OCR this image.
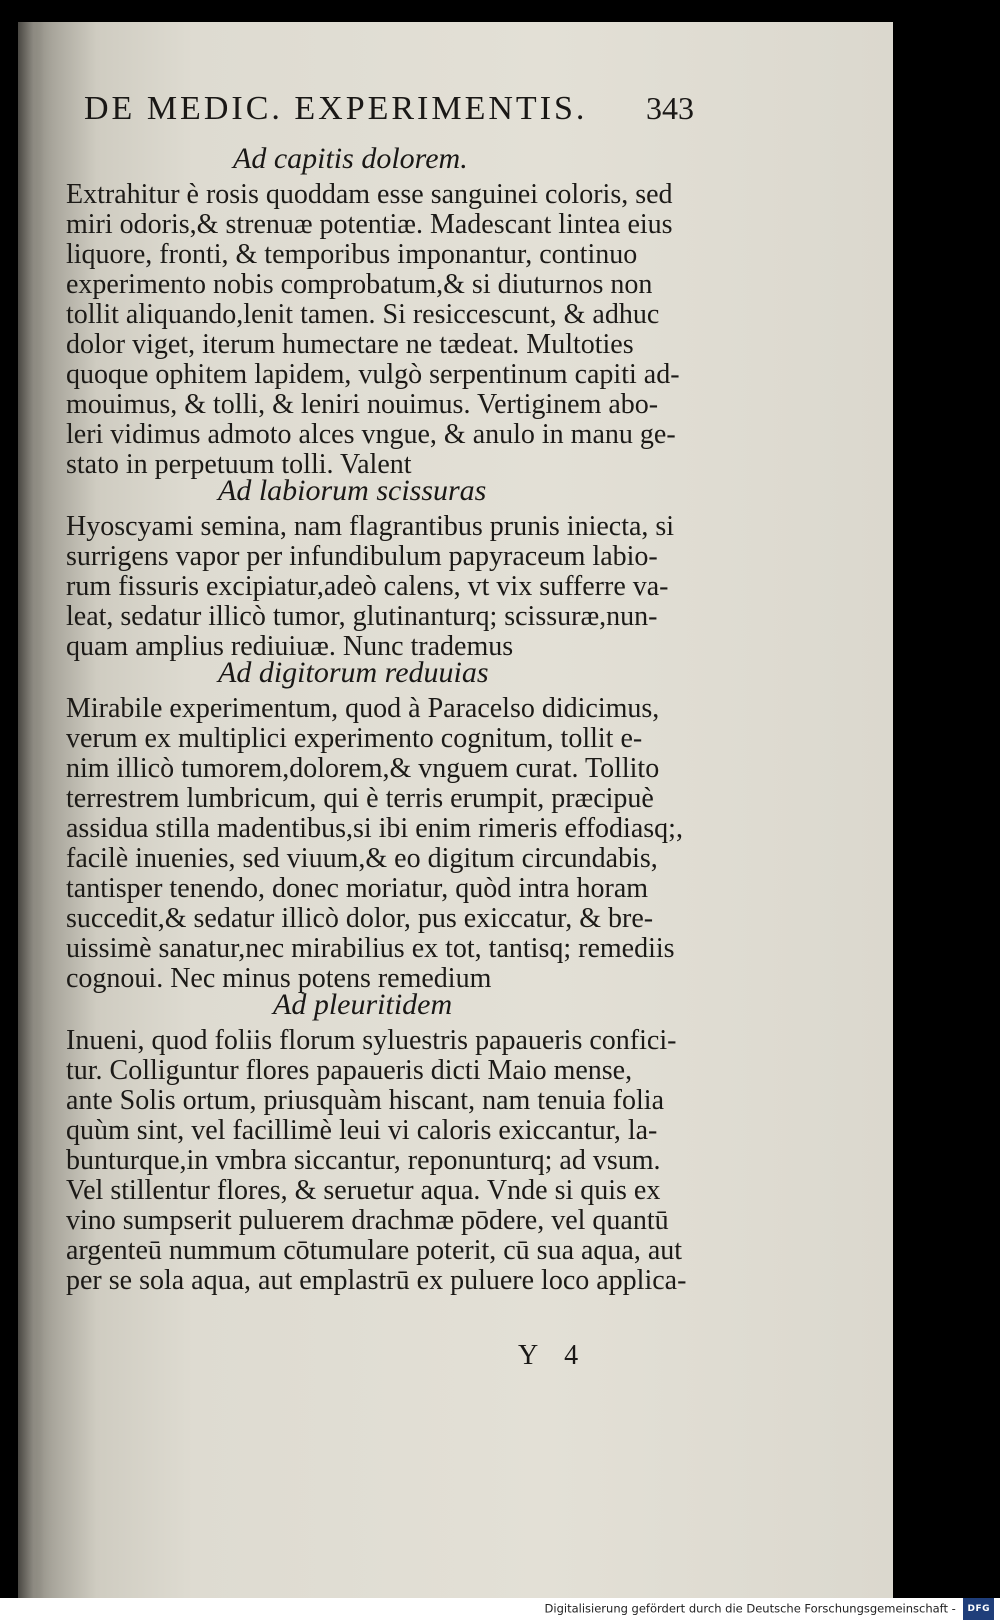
DE MEDIC. EXPERIMENTIS. 343
Ad capitis dolorem.
Extrahitur è rosis quoddam esse sanguinei coloris, sed
miri odoris,& strenuæ potentiæ. Madescant lintea eius
liquore, fronti, & temporibus imponantur, continuo
experimento nobis comprobatum,& si diuturnos non
tollit aliquando,lenit tamen. Si resiccescunt, & adhuc
dolor viget, iterum humectare ne tædeat. Multoties
quoque ophitem lapidem, vulgò serpentinum capiti ad-
mouimus, & tolli, & leniri nouimus. Vertiginem abo-
leri vidimus admoto alces vngue, & anulo in manu ge-
stato in perpetuum tolli. Valent
Ad labiorum scissuras
Hyoscyami semina, nam flagrantibus prunis iniecta, si
surrigens vapor per infundibulum papyraceum labio-
rum fissuris excipiatur,adeò calens, vt vix sufferre va-
leat, sedatur illicò tumor, glutinanturq; scissuræ,nun-
quam amplius rediuiuæ. Nunc trademus
Ad digitorum reduuias
Mirabile experimentum, quod à Paracelso didicimus,
verum ex multiplici experimento cognitum, tollit e-
nim illicò tumorem,dolorem,& vnguem curat. Tollito
terrestrem lumbricum, qui è terris erumpit, præcipuè
assidua stilla madentibus,si ibi enim rimeris effodiasq;,
facilè inuenies, sed viuum,& eo digitum circundabis,
tantisper tenendo, donec moriatur, quòd intra horam
succedit,& sedatur illicò dolor, pus exiccatur, & bre-
uissimè sanatur,nec mirabilius ex tot, tantisq; remediis
cognoui. Nec minus potens remedium
Ad pleuritidem
Inueni, quod foliis florum syluestris papaueris confici-
tur. Colliguntur flores papaueris dicti Maio mense,
ante Solis ortum, priusquàm hiscant, nam tenuia folia
quùm sint, vel facillimè leui vi caloris exiccantur, la-
bunturque,in vmbra siccantur, reponunturq; ad vsum.
Vel stillentur flores, & seruetur aqua. Vnde si quis ex
vino sumpserit puluerem drachmæ pōdere, vel quantū
argenteū nummum cōtumulare poterit, cū sua aqua, aut
per se sola aqua, aut emplastrū ex puluere loco applica-
Y 4
Digitalisierung gefördert durch die Deutsche Forschungsgemeinschaft - DFG
